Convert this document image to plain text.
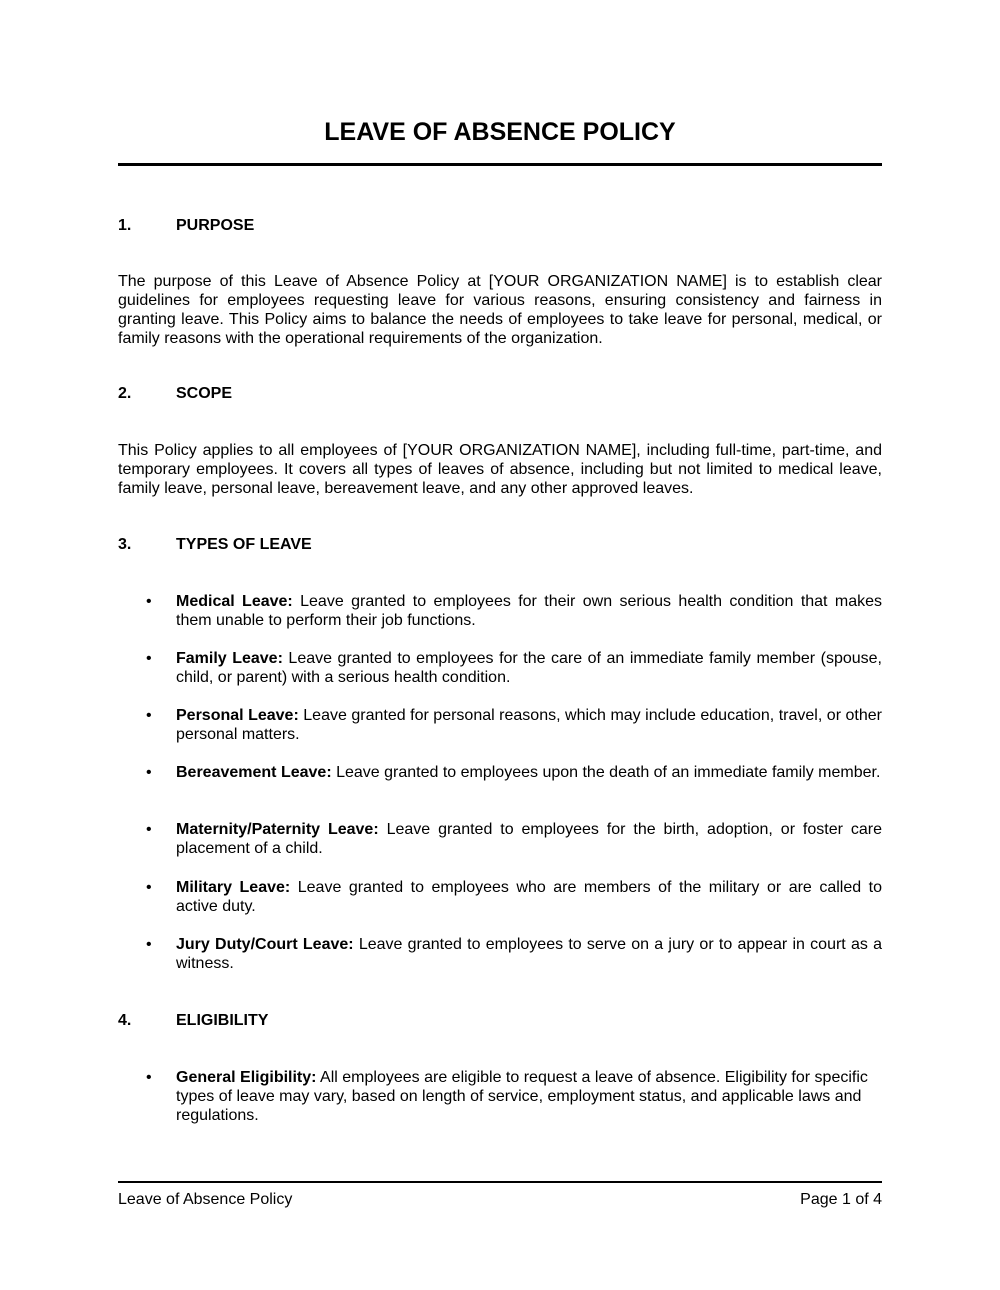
LEAVE OF ABSENCE POLICY
1.	PURPOSE

The purpose of this Leave of Absence Policy at [YOUR ORGANIZATION NAME] is to establish clear guidelines for employees requesting leave for various reasons, ensuring consistency and fairness in granting leave. This Policy aims to balance the needs of employees to take leave for personal, medical, or family reasons with the operational requirements of the organization.

2.	SCOPE

This Policy applies to all employees of [YOUR ORGANIZATION NAME], including full-time, part-time, and temporary employees. It covers all types of leaves of absence, including but not limited to medical leave, family leave, personal leave, bereavement leave, and any other approved leaves.

3.	TYPES OF LEAVE
• Medical Leave: Leave granted to employees for their own serious health condition that makes them unable to perform their job functions.

• Family Leave: Leave granted to employees for the care of an immediate family member (spouse, child, or parent) with a serious health condition.

• Personal Leave: Leave granted for personal reasons, which may include education, travel, or other personal matters.

• Bereavement Leave: Leave granted to employees upon the death of an immediate family member.

• Maternity/Paternity Leave: Leave granted to employees for the birth, adoption, or foster care placement of a child.

• Military Leave: Leave granted to employees who are members of the military or are called to active duty.

• Jury Duty/Court Leave: Leave granted to employees to serve on a jury or to appear in court as a witness.

4.	ELIGIBILITY
• General Eligibility: All employees are eligible to request a leave of absence. Eligibility for specific types of leave may vary, based on length of service, employment status, and applicable laws and regulations.

Leave of Absence Policy	Page 1 of 4
